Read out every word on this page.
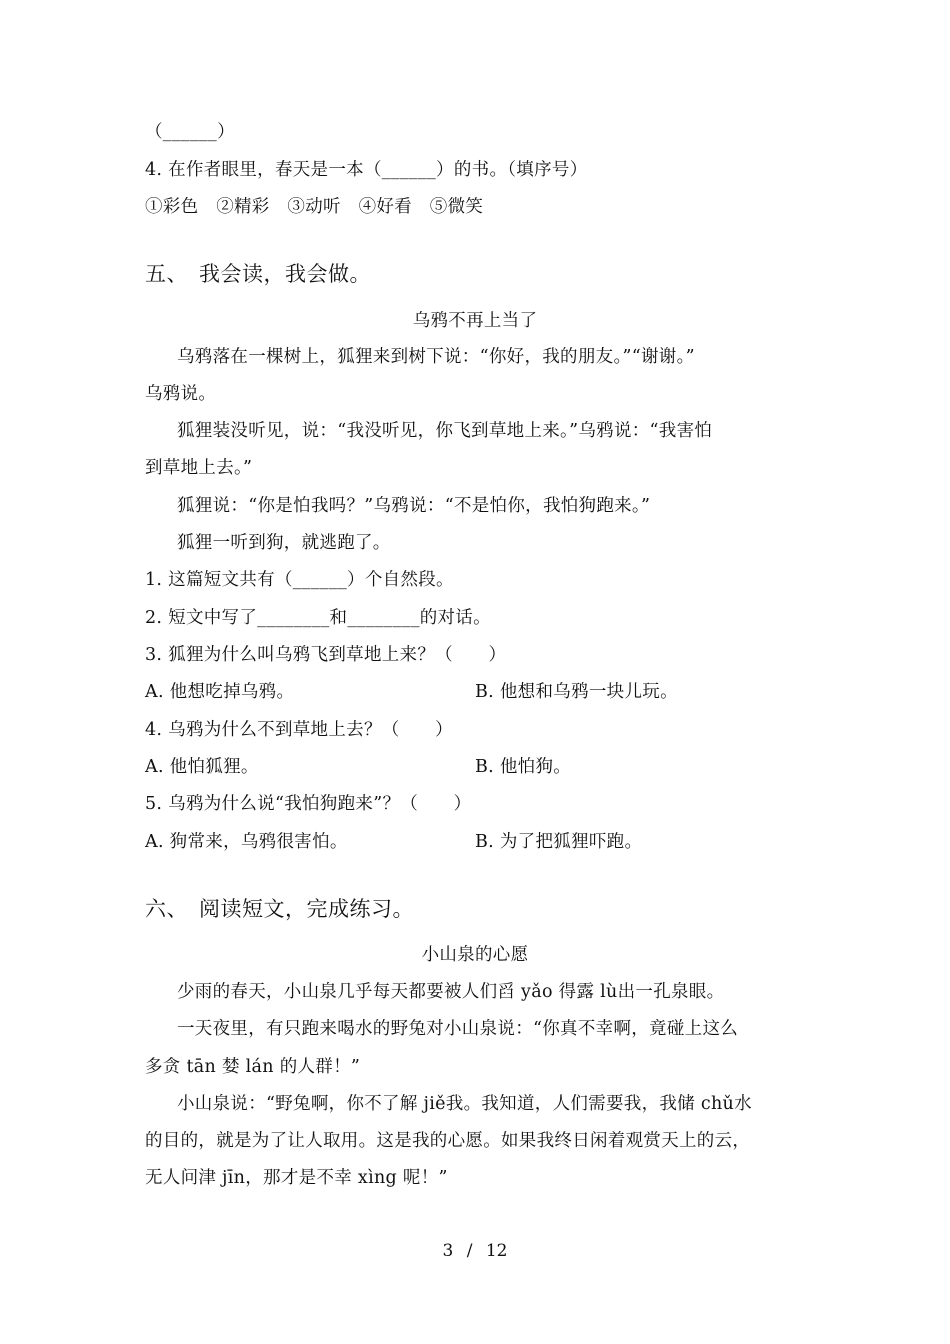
（______）
4. 在作者眼里，春天是一本（______）的书。（填序号）
①彩色　②精彩　③动听　④好看　⑤微笑
五、　我会读，我会做。
乌鸦不再上当了
乌鸦落在一棵树上，狐狸来到树下说：“你好，我的朋友。”“谢谢。”
乌鸦说。
狐狸装没听见，说：“我没听见，你飞到草地上来。”乌鸦说：“我害怕
到草地上去。”
狐狸说：“你是怕我吗？”乌鸦说：“不是怕你，我怕狗跑来。”
狐狸一听到狗，就逃跑了。
1. 这篇短文共有（______）个自然段。
2. 短文中写了________和________的对话。
3. 狐狸为什么叫乌鸦飞到草地上来？（　　）
A. 他想吃掉乌鸦。	B. 他想和乌鸦一块儿玩。
4. 乌鸦为什么不到草地上去？（　　）
A. 他怕狐狸。	B. 他怕狗。
5. 乌鸦为什么说“我怕狗跑来”？（　　）
A. 狗常来，乌鸦很害怕。	B. 为了把狐狸吓跑。
六、　阅读短文，完成练习。
小山泉的心愿
少雨的春天，小山泉几乎每天都要被人们舀 yǎo 得露 lù出一孔泉眼。
一天夜里，有只跑来喝水的野兔对小山泉说：“你真不幸啊，竟碰上这么
多贪 tān 婪 lán 的人群！”
小山泉说：“野兔啊，你不了解 jiě我。我知道，人们需要我，我储 chǔ水
的目的，就是为了让人取用。这是我的心愿。如果我终日闲着观赏天上的云，
无人问津 jīn，那才是不幸 xìng 呢！”
3 / 12
